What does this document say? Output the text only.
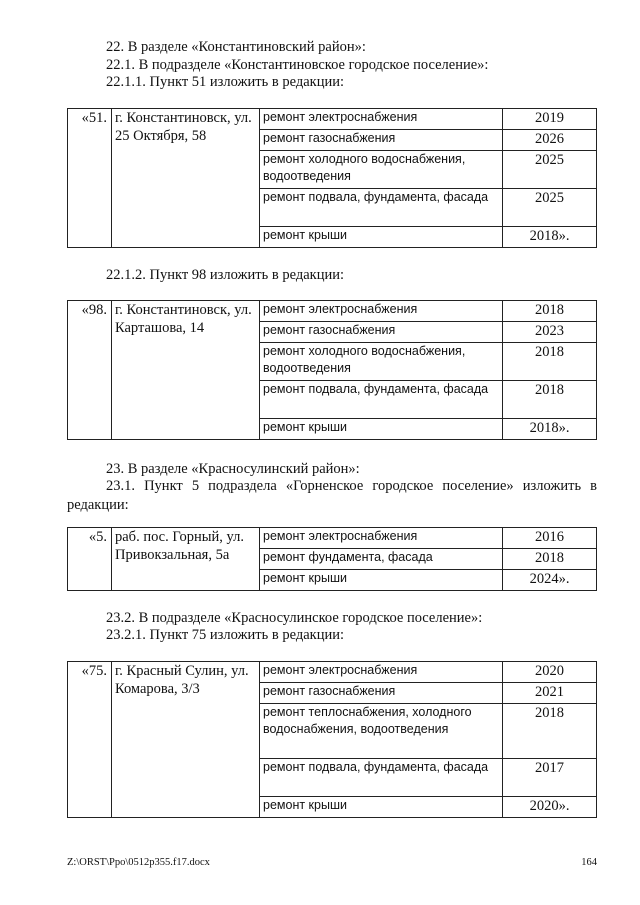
22. В разделе «Константиновский район»:
22.1. В подразделе «Константиновское городское поселение»:
22.1.1. Пункт 51 изложить в редакции:
«51.	г. Константиновск, ул. 25 Октября, 58	ремонт электроснабжения	2019
		ремонт газоснабжения	2026
		ремонт холодного водоснабжения, водоотведения	2025
		ремонт подвала, фундамента, фасада	2025
		ремонт крыши	2018».
22.1.2. Пункт 98 изложить в редакции:
«98.	г. Константиновск, ул. Карташова, 14	ремонт электроснабжения	2018
		ремонт газоснабжения	2023
		ремонт холодного водоснабжения, водоотведения	2018
		ремонт подвала, фундамента, фасада	2018
		ремонт крыши	2018».
23. В разделе «Красносулинский район»:
23.1. Пункт 5 подраздела «Горненское городское поселение» изложить в редакции:
«5.	раб. пос. Горный, ул. Привокзальная, 5а	ремонт электроснабжения	2016
		ремонт фундамента, фасада	2018
		ремонт крыши	2024».
23.2. В подразделе «Красносулинское городское поселение»:
23.2.1. Пункт 75 изложить в редакции:
«75.	г. Красный Сулин, ул. Комарова, 3/3	ремонт электроснабжения	2020
		ремонт газоснабжения	2021
		ремонт теплоснабжения, холодного водоснабжения, водоотведения	2018
		ремонт подвала, фундамента, фасада	2017
		ремонт крыши	2020».
Z:\ORST\Ppo\0512p355.f17.docx	164
